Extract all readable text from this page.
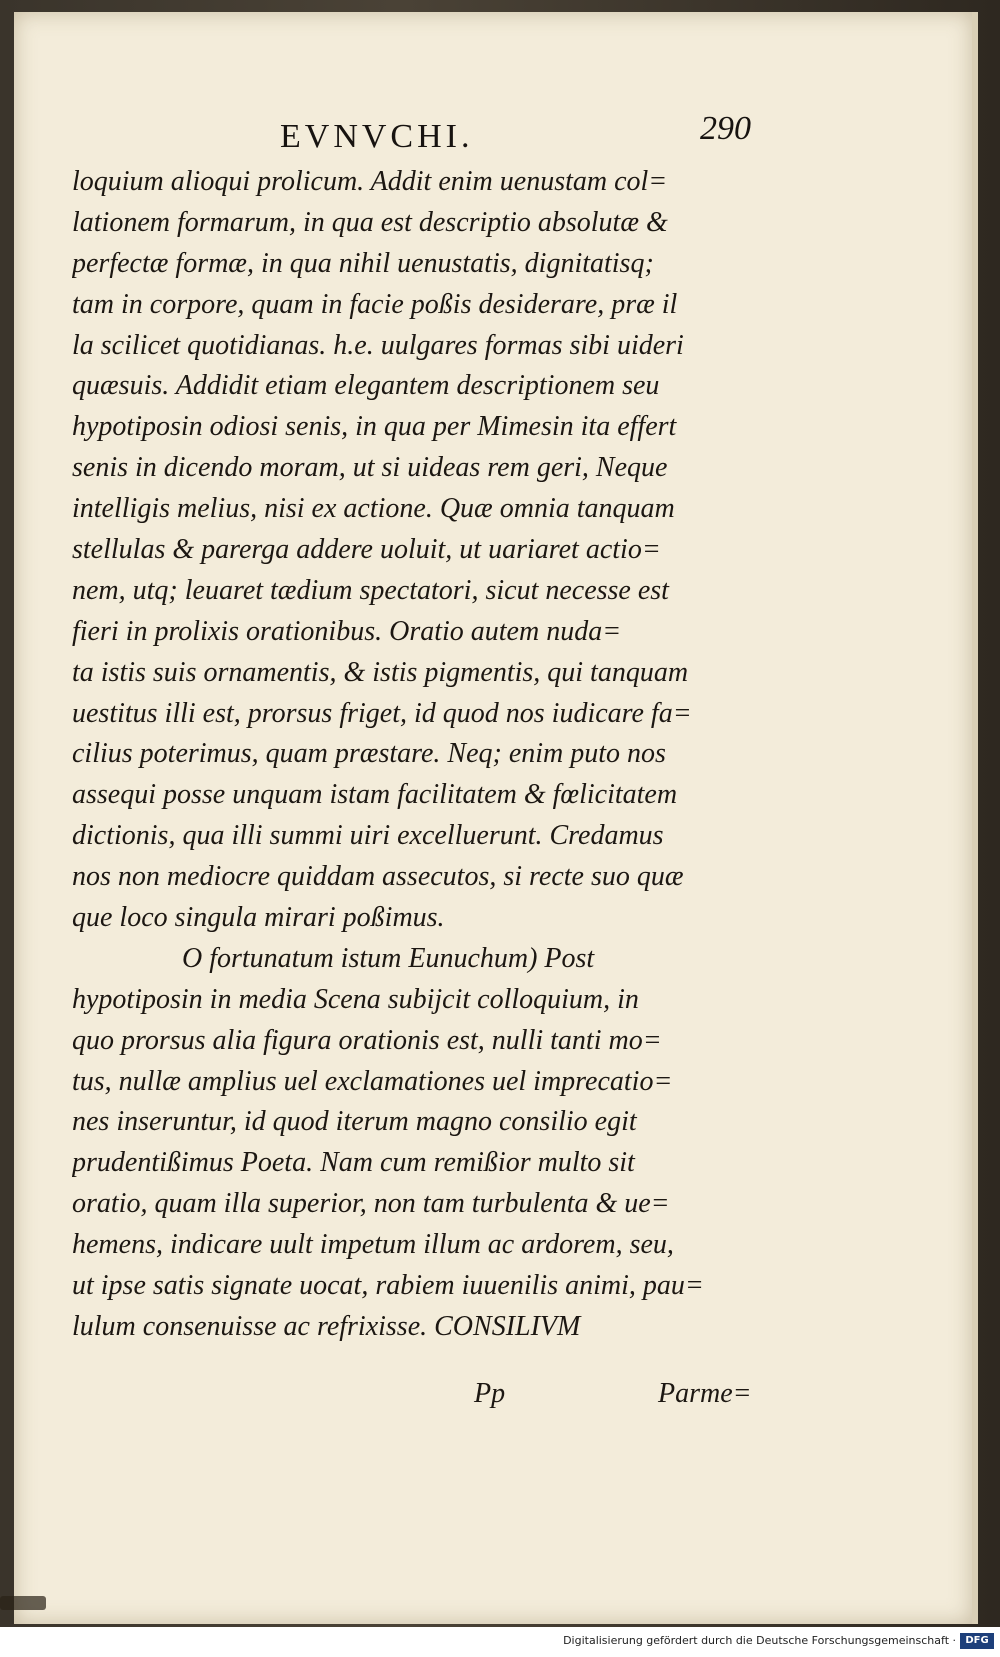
EVNVCHI.	290
loquium alioqui prolicum. Addit enim uenustam col=
lationem formarum, in qua est descriptio absolutæ &
perfectæ formæ, in qua nihil uenustatis, dignitatisq;
tam in corpore, quam in facie poßis desiderare, præ il
la scilicet quotidianas. h.e. uulgares formas sibi uideri
quæsuis. Addidit etiam elegantem descriptionem seu
hypotiposin odiosi senis, in qua per Mimesin ita effert
senis in dicendo moram, ut si uideas rem geri, Neque
intelligis melius, nisi ex actione. Quæ omnia tanquam
stellulas & parerga addere uoluit, ut uariaret actio=
nem, utq; leuaret tædium spectatori, sicut necesse est
fieri in prolixis orationibus. Oratio autem nuda=
ta istis suis ornamentis, & istis pigmentis, qui tanquam
uestitus illi est, prorsus friget, id quod nos iudicare fa=
cilius poterimus, quam præstare. Neq; enim puto nos
assequi posse unquam istam facilitatem & fœlicitatem
dictionis, qua illi summi uiri excelluerunt. Credamus
nos non mediocre quiddam assecutos, si recte suo quæ
que loco singula mirari poßimus.
O fortunatum istum Eunuchum) Post
hypotiposin in media Scena subijcit colloquium, in
quo prorsus alia figura orationis est, nulli tanti mo=
tus, nullæ amplius uel exclamationes uel imprecatio=
nes inseruntur, id quod iterum magno consilio egit
prudentißimus Poeta. Nam cum remißior multo sit
oratio, quam illa superior, non tam turbulenta & ue=
hemens, indicare uult impetum illum ac ardorem, seu,
ut ipse satis signate uocat, rabiem iuuenilis animi, pau=
lulum consenuisse ac refrixisse. CONSILIVM
Pp	Parme=
Digitalisierung gefördert durch die Deutsche Forschungsgemeinschaft · DFG
